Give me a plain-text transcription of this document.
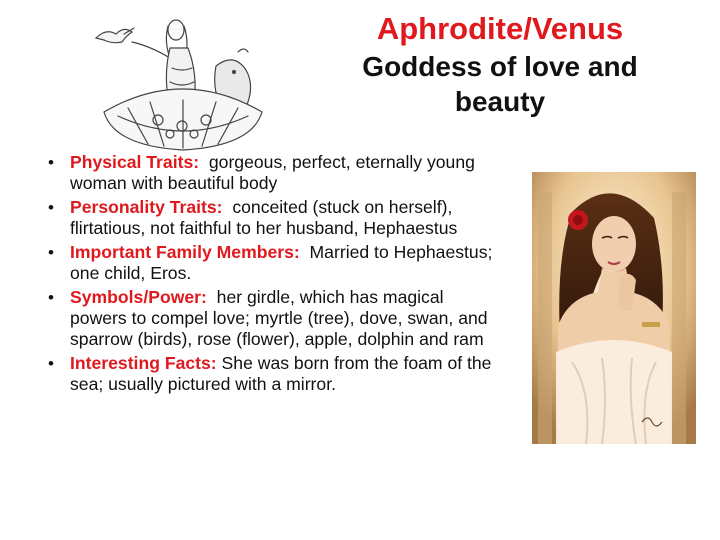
Aphrodite/Venus

Goddess of love and beauty

• Physical Traits: gorgeous, perfect, eternally young woman with beautiful body
• Personality Traits: conceited (stuck on herself), flirtatious, not faithful to her husband, Hephaestus
• Important Family Members: Married to Hephaestus; one child, Eros.
• Symbols/Power: her girdle, which has magical powers to compel love; myrtle (tree), dove, swan, and sparrow (birds), rose (flower), apple, dolphin and ram
• Interesting Facts: She was born from the foam of the sea; usually pictured with a mirror.
